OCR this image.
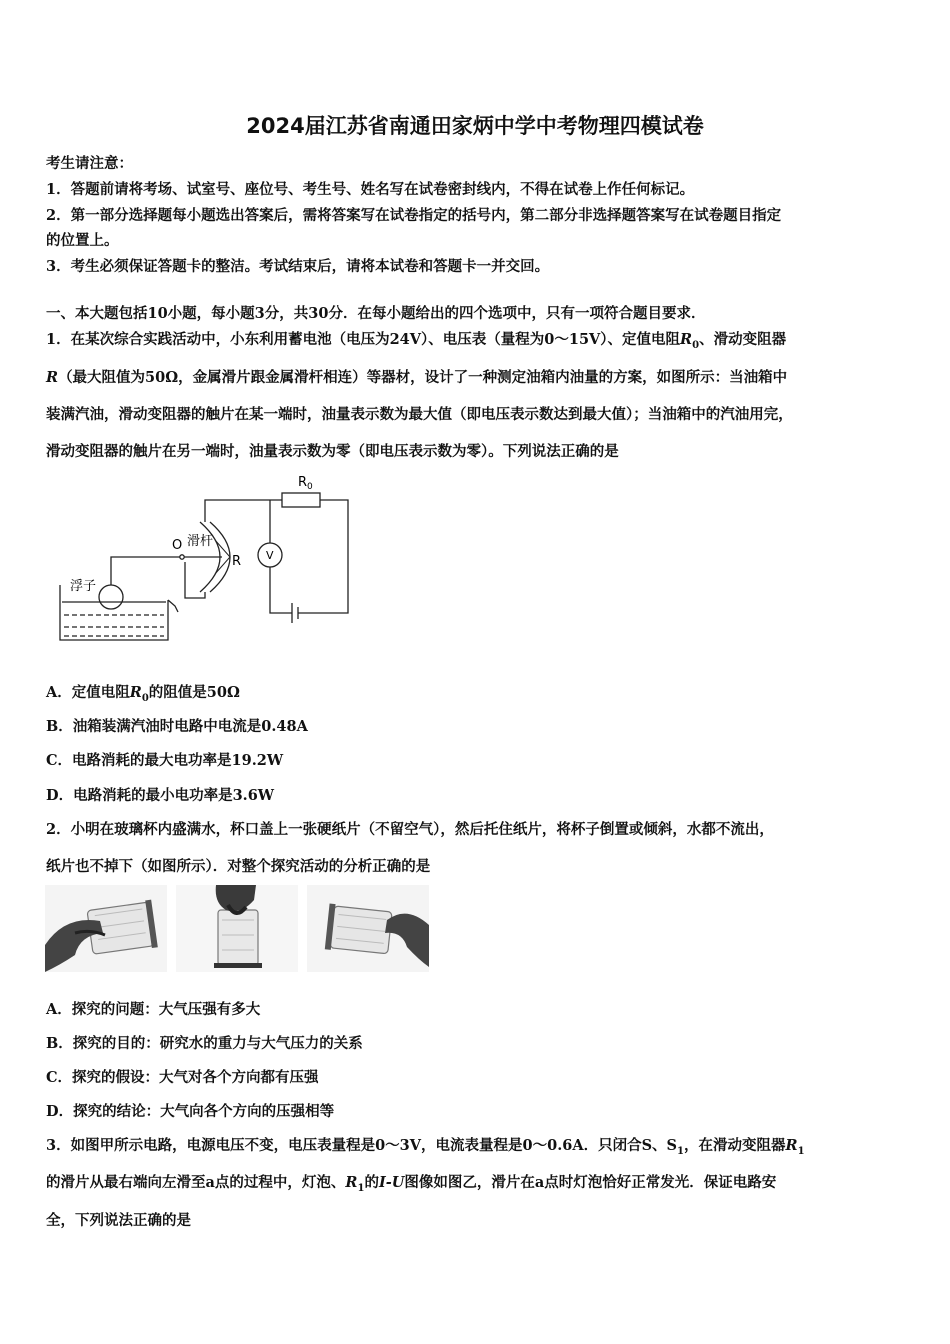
2024届江苏省南通田家炳中学中考物理四模试卷
考生请注意：
1．答题前请将考场、试室号、座位号、考生号、姓名写在试卷密封线内，不得在试卷上作任何标记。
2．第一部分选择题每小题选出答案后，需将答案写在试卷指定的括号内，第二部分非选择题答案写在试卷题目指定
的位置上。
3．考生必须保证答题卡的整洁。考试结束后，请将本试卷和答题卡一并交回。
一、本大题包括10小题，每小题3分，共30分．在每小题给出的四个选项中，只有一项符合题目要求．
1．在某次综合实践活动中，小东利用蓄电池（电压为24V）、电压表（量程为0～15V）、定值电阻$R_0$、滑动变阻器
R（最大阻值为50Ω，金属滑片跟金属滑杆相连）等器材，设计了一种测定油箱内油量的方案，如图所示：当油箱中
装满汽油，滑动变阻器的触片在某一端时，油量表示数为最大值（即电压表示数达到最大值）；当油箱中的汽油用完，
滑动变阻器的触片在另一端时，油量表示数为零（即电压表示数为零）。下列说法正确的是
$R_0$
O 滑杆
R V
浮子
A．定值电阻$R_0$的阻值是50Ω
B．油箱装满汽油时电路中电流是0.48A
C．电路消耗的最大电功率是19.2W
D．电路消耗的最小电功率是3.6W
2．小明在玻璃杯内盛满水，杯口盖上一张硬纸片（不留空气），然后托住纸片，将杯子倒置或倾斜，水都不流出，
纸片也不掉下（如图所示）．对整个探究活动的分析正确的是
A．探究的问题：大气压强有多大
B．探究的目的：研究水的重力与大气压力的关系
C．探究的假设：大气对各个方向都有压强
D．探究的结论：大气向各个方向的压强相等
3．如图甲所示电路，电源电压不变，电压表量程是0～3V，电流表量程是0～0.6A．只闭合S、$S_1$，在滑动变阻器$R_1$
的滑片从最右端向左滑至a点的过程中，灯泡、$R_1$的I-U图像如图乙，滑片在a点时灯泡恰好正常发光．保证电路安
全，下列说法正确的是
